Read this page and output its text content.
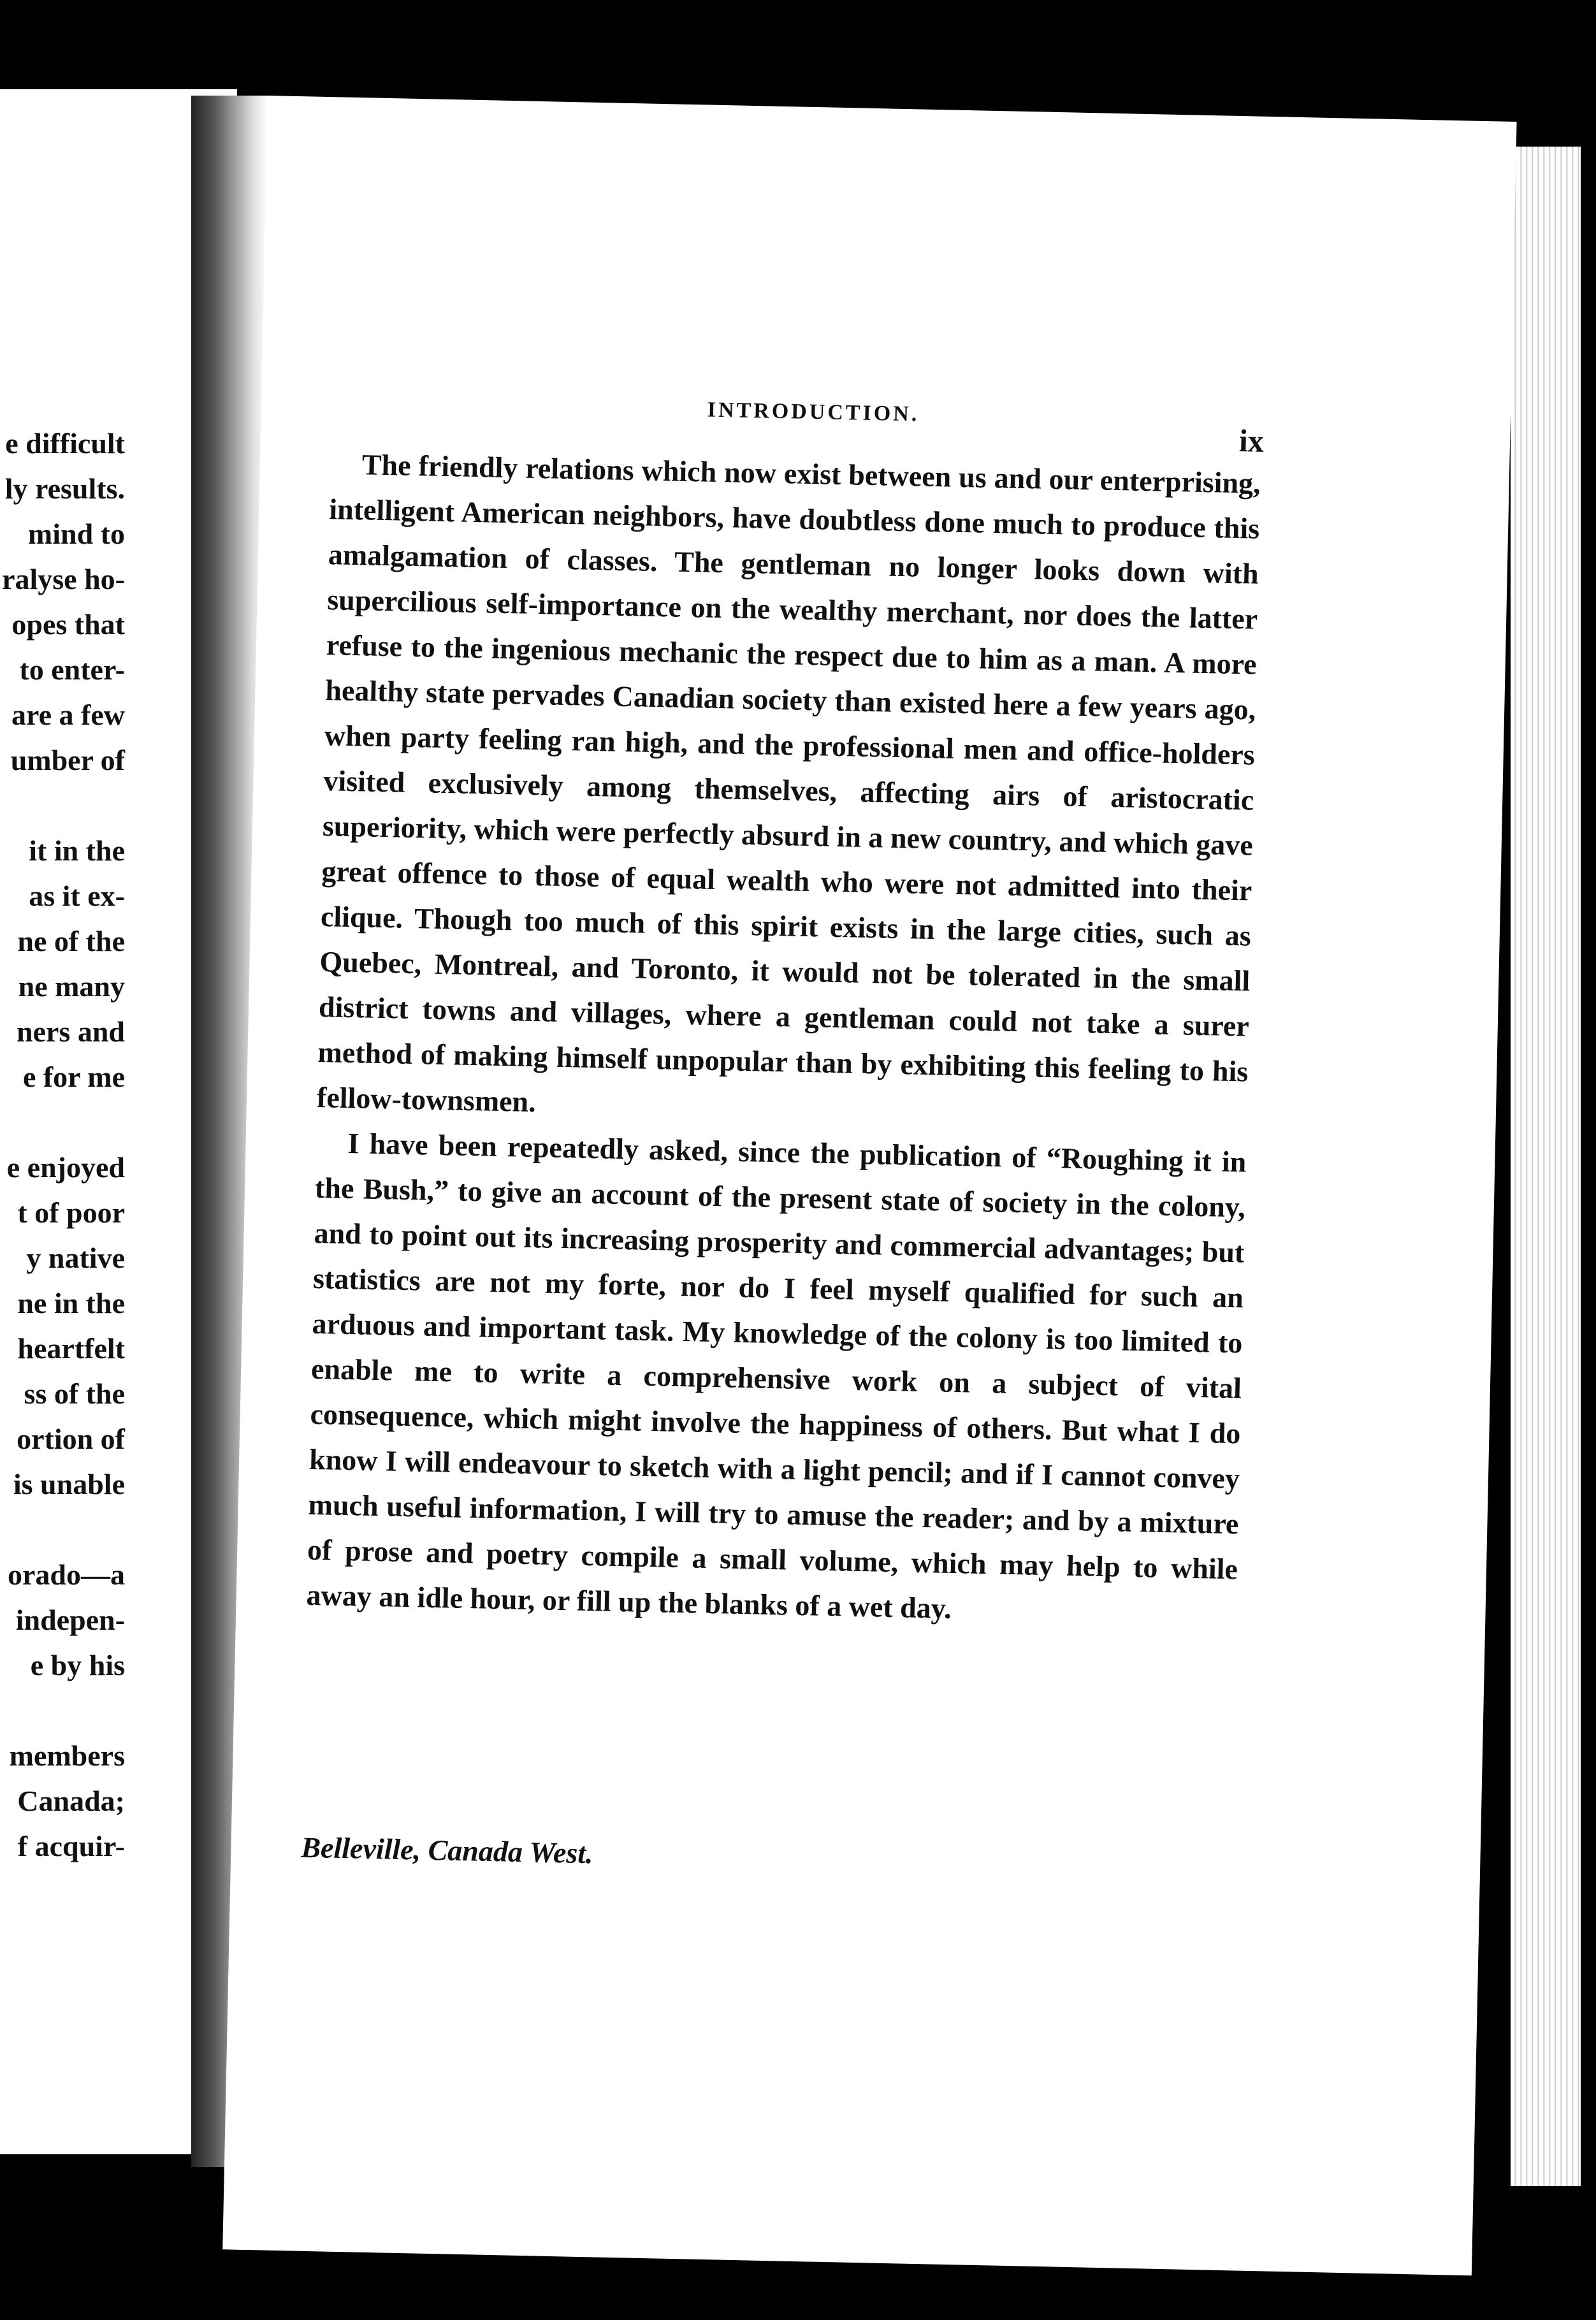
e difficult
ly results.
mind to
ralyse ho-
opes that
to enter-
are a few
umber of
it in the
as it ex-
ne of the
ne many
ners and
e for me
e enjoyed
t of poor
y native
ne in the
heartfelt
ss of the
ortion of
is unable
orado—a
indepen-
e by his
members
Canada;
f acquir-
INTRODUCTION.
ix

The friendly relations which now exist between us and our enterprising, intelligent American neighbors, have doubtless done much to produce this amalgamation of classes. The gentleman no longer looks down with supercilious self-importance on the wealthy merchant, nor does the latter refuse to the ingenious mechanic the respect due to him as a man. A more healthy state pervades Canadian society than existed here a few years ago, when party feeling ran high, and the professional men and office-holders visited exclusively among themselves, affecting airs of aristocratic superiority, which were perfectly absurd in a new country, and which gave great offence to those of equal wealth who were not admitted into their clique. Though too much of this spirit exists in the large cities, such as Quebec, Montreal, and Toronto, it would not be tolerated in the small district towns and villages, where a gentleman could not take a surer method of making himself unpopular than by exhibiting this feeling to his fellow-townsmen.

I have been repeatedly asked, since the publication of “Roughing it in the Bush,” to give an account of the present state of society in the colony, and to point out its increasing prosperity and commercial advantages; but statistics are not my forte, nor do I feel myself qualified for such an arduous and important task. My knowledge of the colony is too limited to enable me to write a comprehensive work on a subject of vital consequence, which might involve the happiness of others. But what I do know I will endeavour to sketch with a light pencil; and if I cannot convey much useful information, I will try to amuse the reader; and by a mixture of prose and poetry compile a small volume, which may help to while away an idle hour, or fill up the blanks of a wet day.

Belleville, Canada West.
